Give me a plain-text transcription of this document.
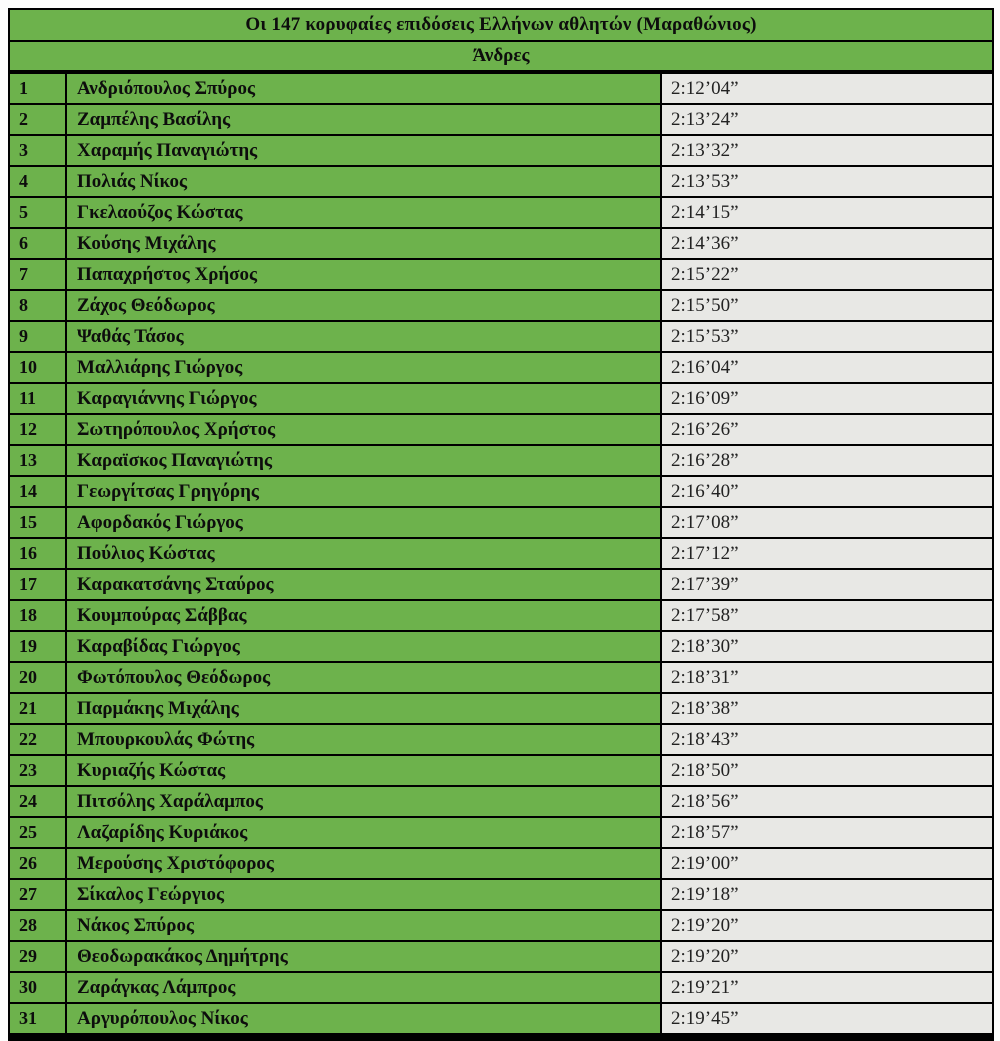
Οι 147 κορυφαίες επιδόσεις Ελλήνων αθλητών (Μαραθώνιος)
Άνδρες
1	Ανδριόπουλος Σπύρος	2:12’04”
2	Ζαμπέλης Βασίλης	2:13’24”
3	Χαραμής Παναγιώτης	2:13’32”
4	Πολιάς Νίκος	2:13’53”
5	Γκελαούζος Κώστας	2:14’15”
6	Κούσης Μιχάλης	2:14’36”
7	Παπαχρήστος Χρήσος	2:15’22”
8	Ζάχος Θεόδωρος	2:15’50”
9	Ψαθάς Τάσος	2:15’53”
10	Μαλλιάρης Γιώργος	2:16’04”
11	Καραγιάννης Γιώργος	2:16’09”
12	Σωτηρόπουλος Χρήστος	2:16’26”
13	Καραϊσκος Παναγιώτης	2:16’28”
14	Γεωργίτσας Γρηγόρης	2:16’40”
15	Αφορδακός Γιώργος	2:17’08”
16	Πούλιος Κώστας	2:17’12”
17	Καρακατσάνης Σταύρος	2:17’39”
18	Κουμπούρας Σάββας	2:17’58”
19	Καραβίδας Γιώργος	2:18’30”
20	Φωτόπουλος Θεόδωρος	2:18’31”
21	Παρμάκης Μιχάλης	2:18’38”
22	Μπουρκουλάς Φώτης	2:18’43”
23	Κυριαζής Κώστας	2:18’50”
24	Πιτσόλης Χαράλαμπος	2:18’56”
25	Λαζαρίδης Κυριάκος	2:18’57”
26	Μερούσης Χριστόφορος	2:19’00”
27	Σίκαλος Γεώργιος	2:19’18”
28	Νάκος Σπύρος	2:19’20”
29	Θεοδωρακάκος Δημήτρης	2:19’20”
30	Ζαράγκας Λάμπρος	2:19’21”
31	Αργυρόπουλος Νίκος	2:19’45”
